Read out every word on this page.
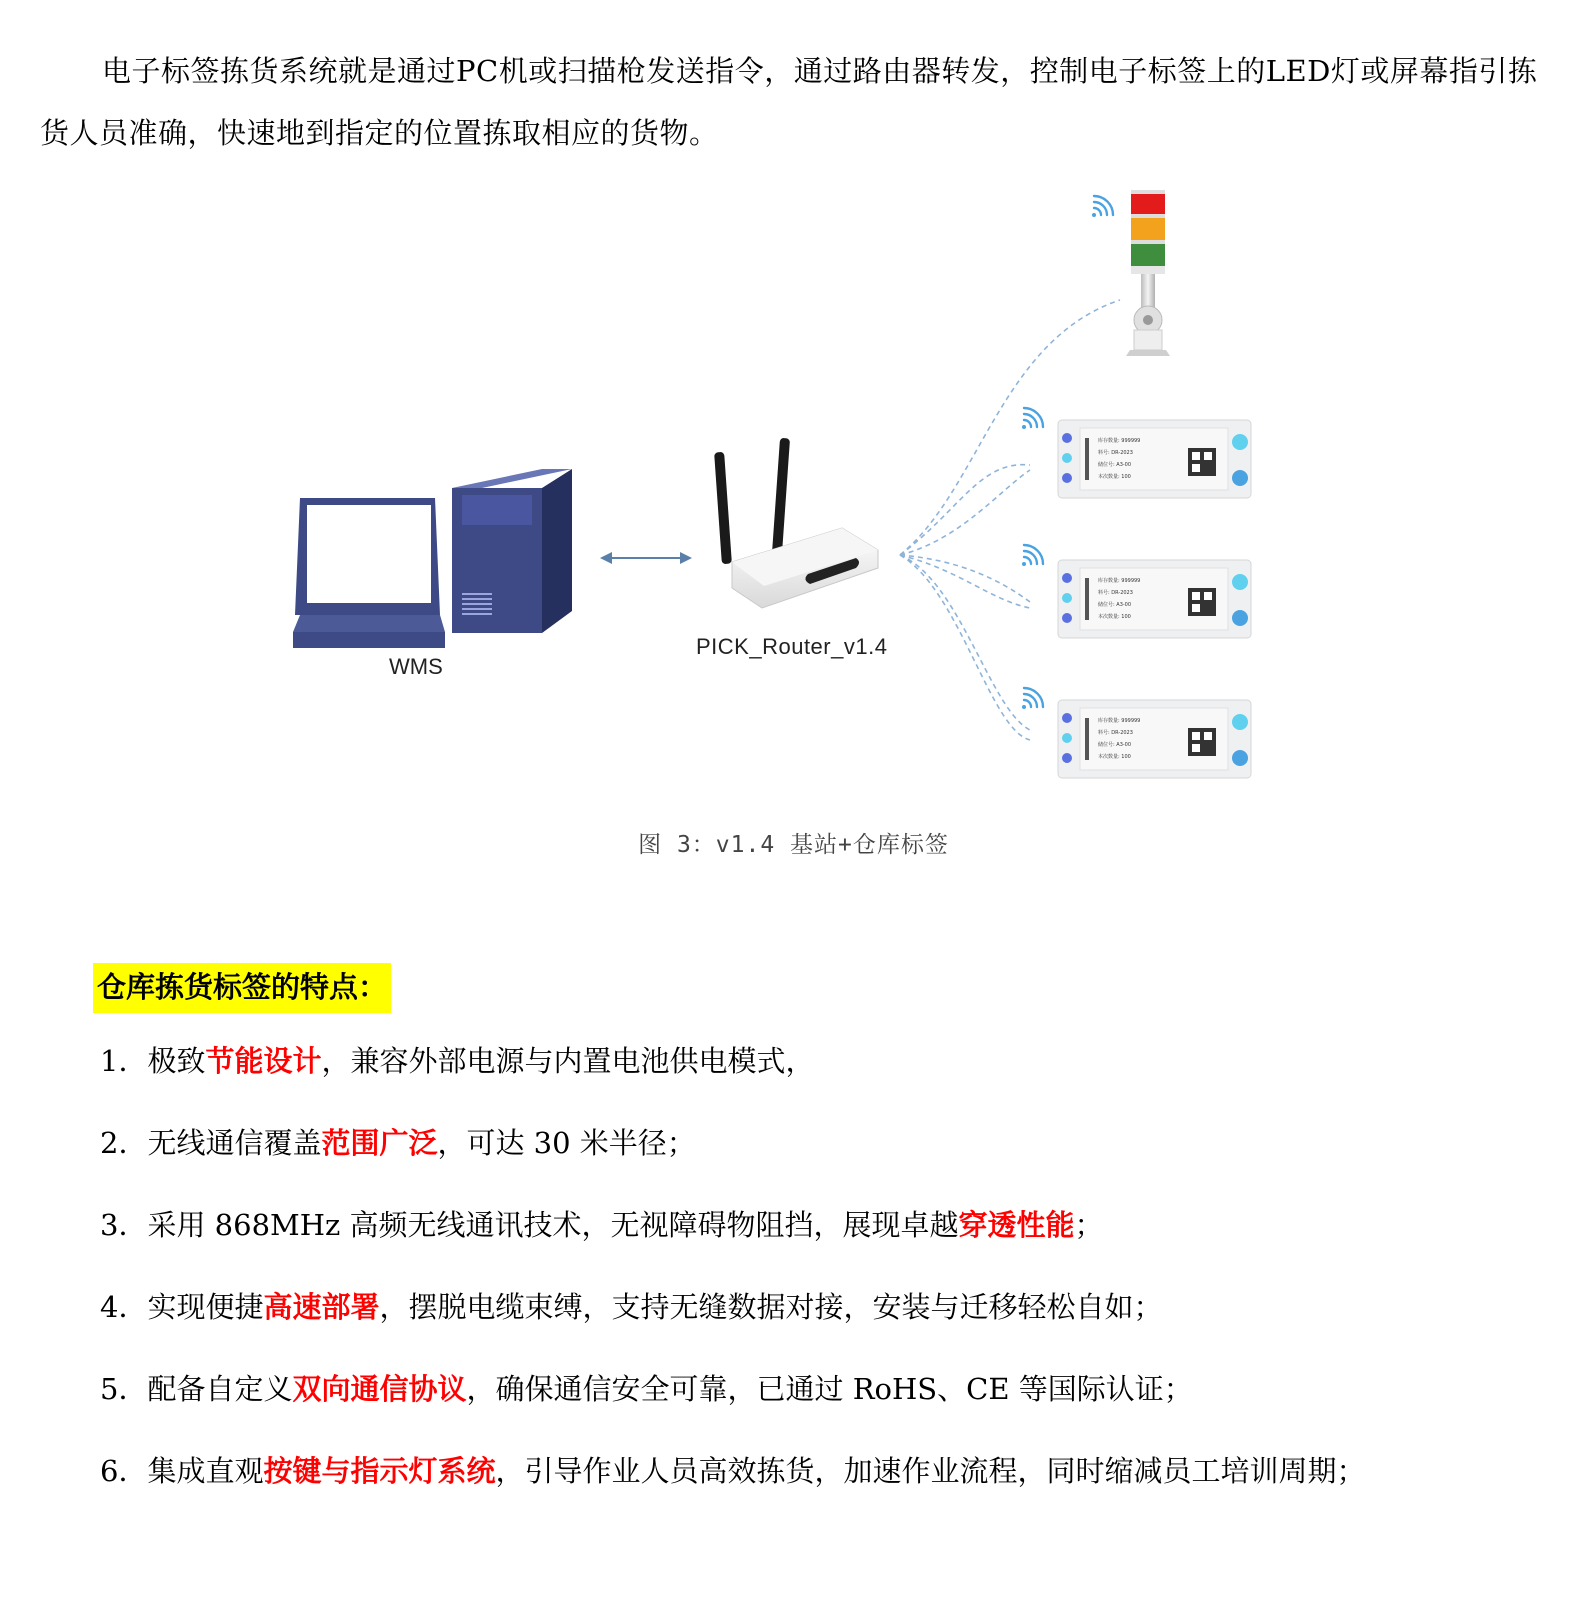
电子标签拣货系统就是通过PC机或扫描枪发送指令，通过路由器转发，控制电子标签上的LED灯或屏幕指引拣货人员准确，快速地到指定的位置拣取相应的货物。
库存数量: 999999
料号: DR-2023
储位号: A3-00
本次数量: 100
库存数量: 999999
料号: DR-2023
储位号: A3-00
本次数量: 100
库存数量: 999999
料号: DR-2023
储位号: A3-00
本次数量: 100
WMS
PICK_Router_v1.4
图 3：v1.4 基站+仓库标签
仓库拣货标签的特点：
1．极致节能设计，兼容外部电源与内置电池供电模式，
2．无线通信覆盖范围广泛，可达 30 米半径；
3．采用 868MHz 高频无线通讯技术，无视障碍物阻挡，展现卓越穿透性能；
4．实现便捷高速部署，摆脱电缆束缚，支持无缝数据对接，安装与迁移轻松自如；
5．配备自定义双向通信协议，确保通信安全可靠，已通过 RoHS、CE 等国际认证；
6．集成直观按键与指示灯系统，引导作业人员高效拣货，加速作业流程，同时缩减员工培训周期；
